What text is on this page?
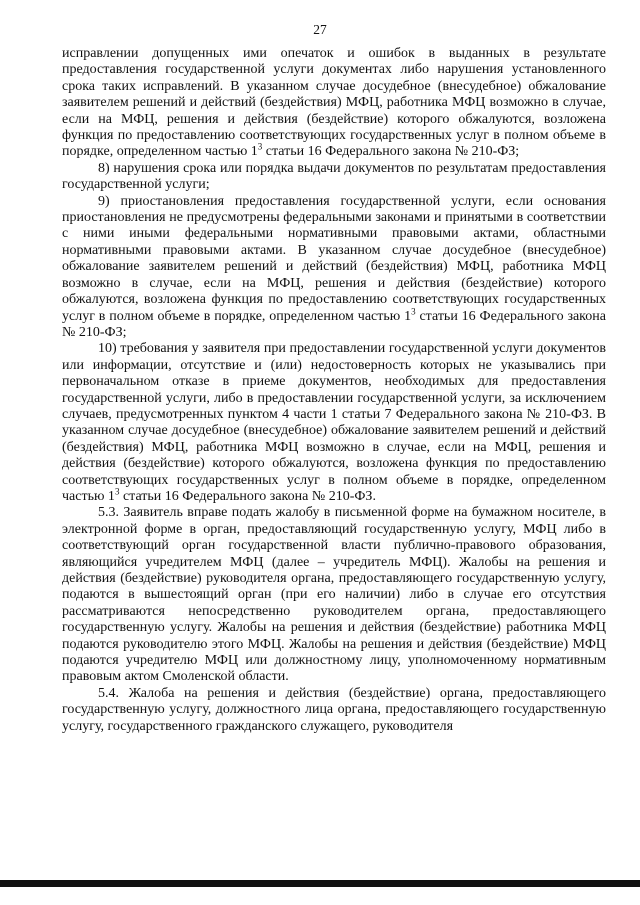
27

исправлении допущенных ими опечаток и ошибок в выданных в результате предоставления государственной услуги документах либо нарушения установленного срока таких исправлений. В указанном случае досудебное (внесудебное) обжалование заявителем решений и действий (бездействия) МФЦ, работника МФЦ возможно в случае, если на МФЦ, решения и действия (бездействие) которого обжалуются, возложена функция по предоставлению соответствующих государственных услуг в полном объеме в порядке, определенном частью $1^3$ статьи 16 Федерального закона № 210-ФЗ;

8) нарушения срока или порядка выдачи документов по результатам предоставления государственной услуги;

9) приостановления предоставления государственной услуги, если основания приостановления не предусмотрены федеральными законами и принятыми в соответствии с ними иными федеральными нормативными правовыми актами, областными нормативными правовыми актами. В указанном случае досудебное (внесудебное) обжалование заявителем решений и действий (бездействия) МФЦ, работника МФЦ возможно в случае, если на МФЦ, решения и действия (бездействие) которого обжалуются, возложена функция по предоставлению соответствующих государственных услуг в полном объеме в порядке, определенном частью $1^3$ статьи 16 Федерального закона № 210-ФЗ;

10) требования у заявителя при предоставлении государственной услуги документов или информации, отсутствие и (или) недостоверность которых не указывались при первоначальном отказе в приеме документов, необходимых для предоставления государственной услуги, либо в предоставлении государственной услуги, за исключением случаев, предусмотренных пунктом 4 части 1 статьи 7 Федерального закона № 210-ФЗ. В указанном случае досудебное (внесудебное) обжалование заявителем решений и действий (бездействия) МФЦ, работника МФЦ возможно в случае, если на МФЦ, решения и действия (бездействие) которого обжалуются, возложена функция по предоставлению соответствующих государственных услуг в полном объеме в порядке, определенном частью $1^3$ статьи 16 Федерального закона № 210-ФЗ.

5.3. Заявитель вправе подать жалобу в письменной форме на бумажном носителе, в электронной форме в орган, предоставляющий государственную услугу, МФЦ либо в соответствующий орган государственной власти публично-правового образования, являющийся учредителем МФЦ (далее – учредитель МФЦ). Жалобы на решения и действия (бездействие) руководителя органа, предоставляющего государственную услугу, подаются в вышестоящий орган (при его наличии) либо в случае его отсутствия рассматриваются непосредственно руководителем органа, предоставляющего государственную услугу. Жалобы на решения и действия (бездействие) работника МФЦ подаются руководителю этого МФЦ. Жалобы на решения и действия (бездействие) МФЦ подаются учредителю МФЦ или должностному лицу, уполномоченному нормативным правовым актом Смоленской области.

5.4. Жалоба на решения и действия (бездействие) органа, предоставляющего государственную услугу, должностного лица органа, предоставляющего государственную услугу, государственного гражданского служащего, руководителя
